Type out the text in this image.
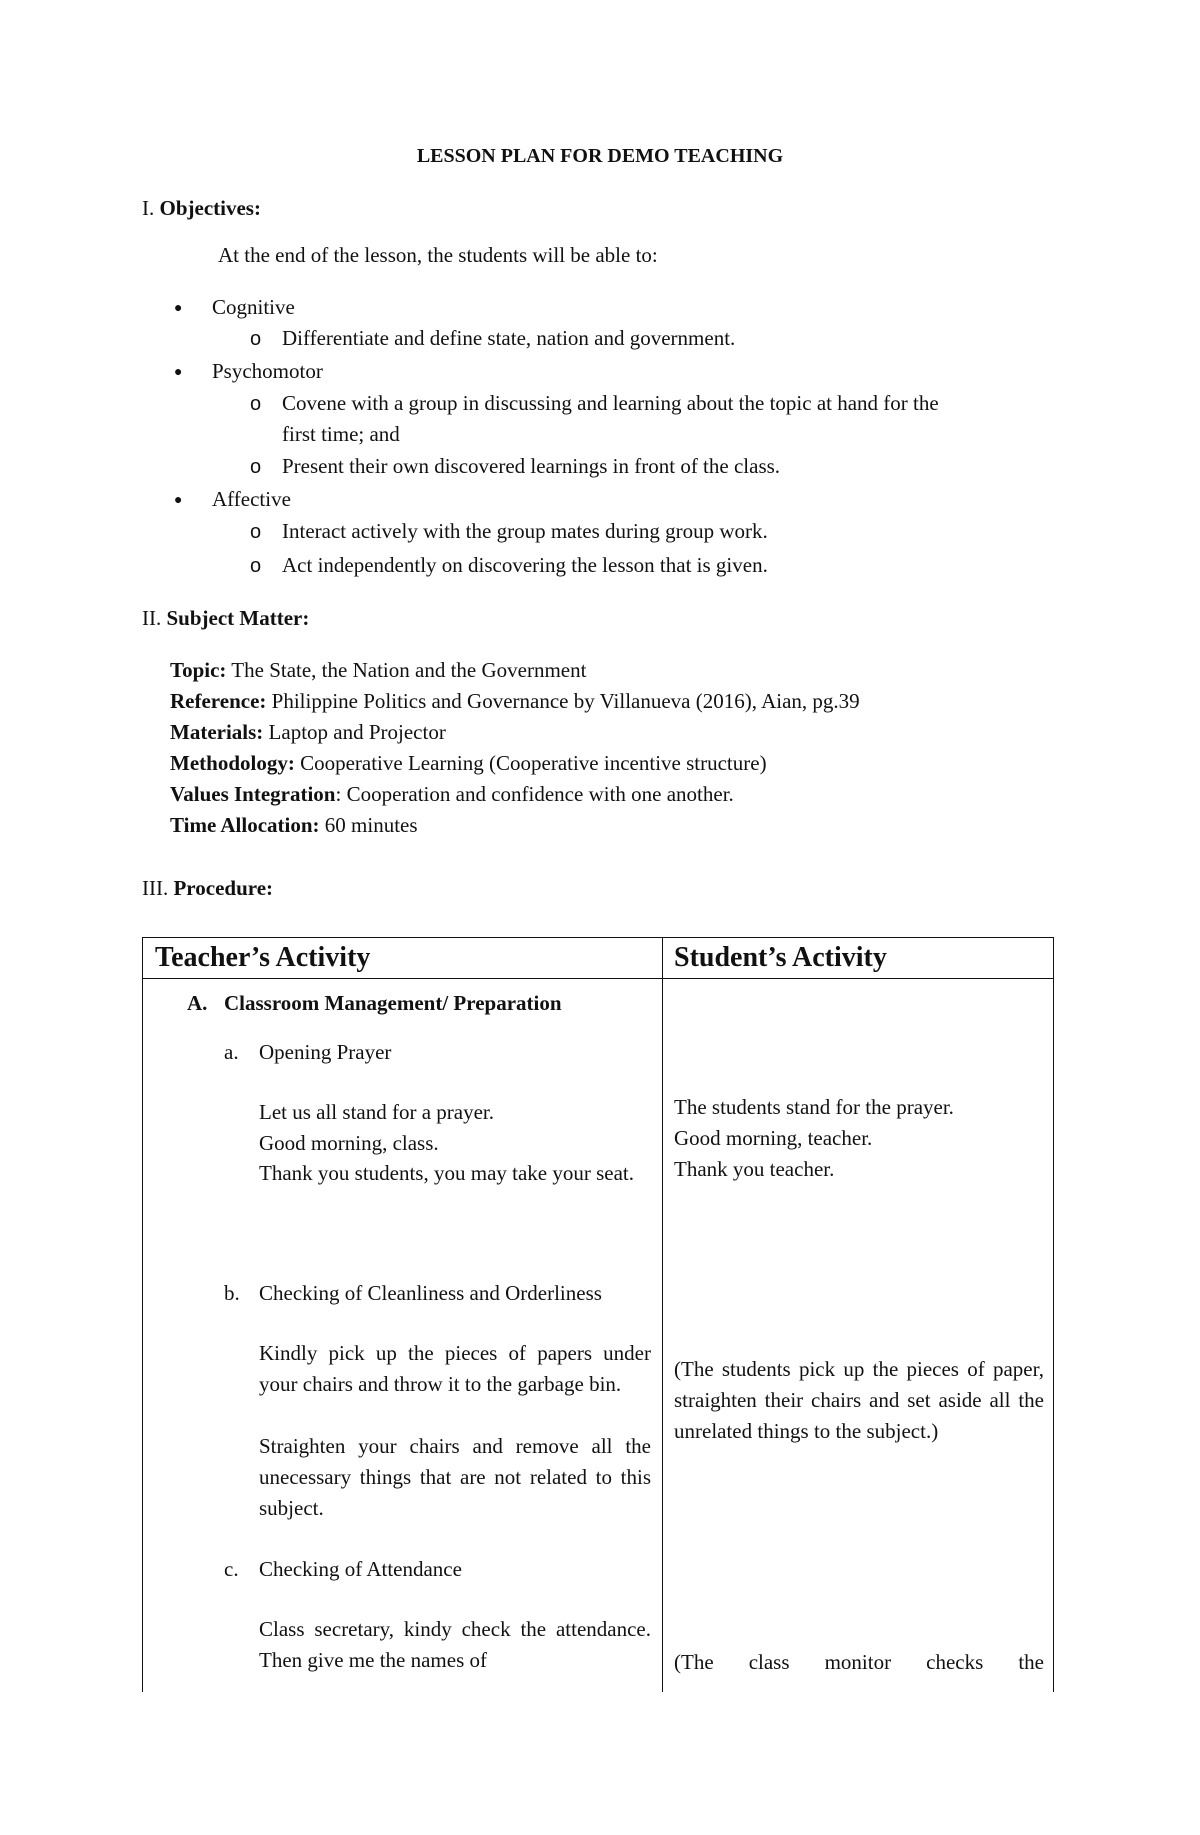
LESSON PLAN FOR DEMO TEACHING
I. Objectives:
At the end of the lesson, the students will be able to:
● Cognitive
o Differentiate and define state, nation and government.
● Psychomotor
o Covene with a group in discussing and learning about the topic at hand for the
first time; and
o Present their own discovered learnings in front of the class.
● Affective
o Interact actively with the group mates during group work.
o Act independently on discovering the lesson that is given.
II. Subject Matter:
Topic: The State, the Nation and the Government
Reference: Philippine Politics and Governance by Villanueva (2016), Aian, pg.39
Materials: Laptop and Projector
Methodology: Cooperative Learning (Cooperative incentive structure)
Values Integration: Cooperation and confidence with one another.
Time Allocation: 60 minutes
III. Procedure:
Teacher’s Activity	Student’s Activity
A. Classroom Management/ Preparation
a. Opening Prayer
Let us all stand for a prayer.
Good morning, class.
Thank you students, you may take your seat.
The students stand for the prayer.
Good morning, teacher.
Thank you teacher.
b. Checking of Cleanliness and Orderliness
Kindly pick up the pieces of papers under your chairs and throw it to the garbage bin.
Straighten your chairs and remove all the unecessary things that are not related to this subject.
(The students pick up the pieces of paper, straighten their chairs and set aside all the unrelated things to the subject.)
c. Checking of Attendance
Class secretary, kindy check the attendance. Then give me the names of	(The class monitor checks the
